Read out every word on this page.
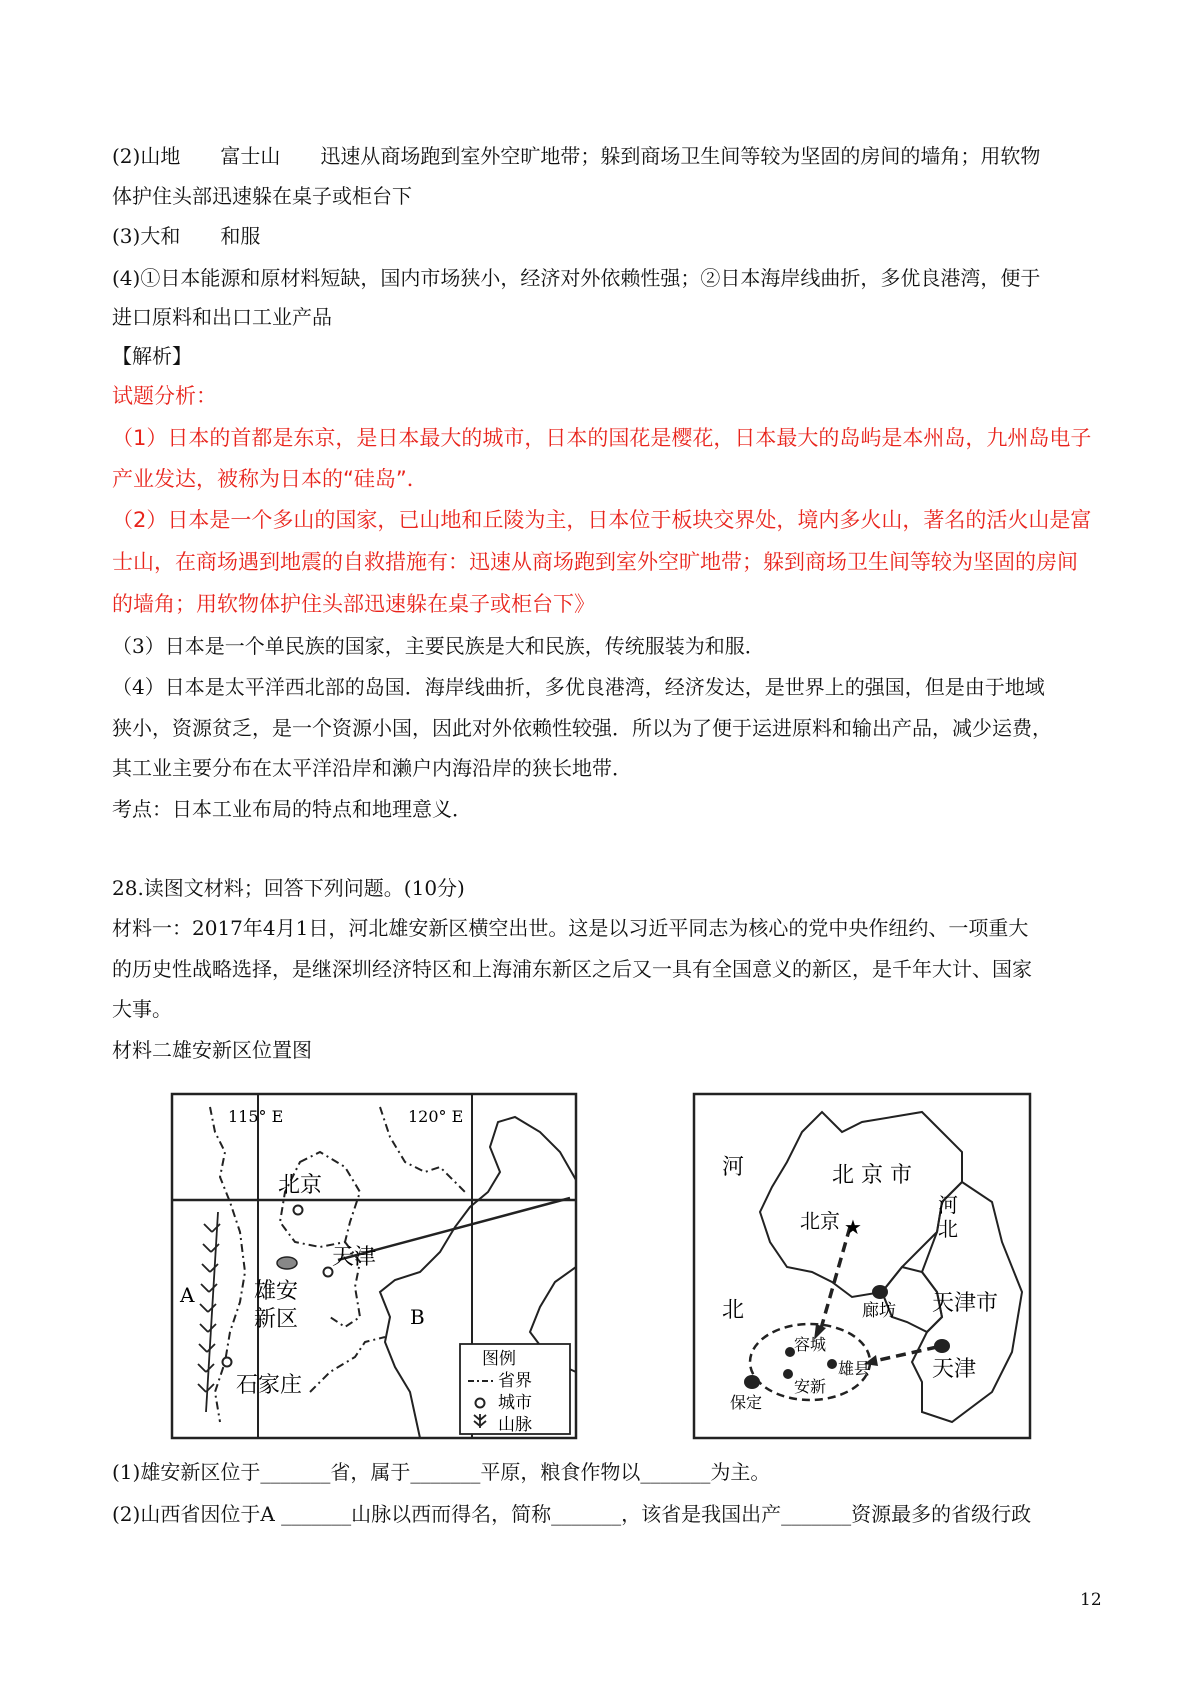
(2)山地　　富士山　　迅速从商场跑到室外空旷地带；躲到商场卫生间等较为坚固的房间的墙角；用软物
体护住头部迅速躲在桌子或柜台下
(3)大和　　和服
(4)①日本能源和原材料短缺，国内市场狭小，经济对外依赖性强；②日本海岸线曲折，多优良港湾，便于
进口原料和出口工业产品
【解析】
试题分析：
（1）日本的首都是东京，是日本最大的城市，日本的国花是樱花，日本最大的岛屿是本州岛，九州岛电子
产业发达，被称为日本的“硅岛”．
（2）日本是一个多山的国家，已山地和丘陵为主，日本位于板块交界处，境内多火山，著名的活火山是富
士山，在商场遇到地震的自救措施有：迅速从商场跑到室外空旷地带；躲到商场卫生间等较为坚固的房间
的墙角；用软物体护住头部迅速躲在桌子或柜台下》
（3）日本是一个单民族的国家，主要民族是大和民族，传统服装为和服．
（4）日本是太平洋西北部的岛国．海岸线曲折，多优良港湾，经济发达，是世界上的强国，但是由于地域
狭小，资源贫乏，是一个资源小国，因此对外依赖性较强．所以为了便于运进原料和输出产品，减少运费，
其工业主要分布在太平洋沿岸和濑户内海沿岸的狭长地带．
考点：日本工业布局的特点和地理意义．
28.读图文材料；回答下列问题。(10分)
材料一：2017年4月1日，河北雄安新区横空出世。这是以习近平同志为核心的党中央作纽约、一项重大
的历史性战略选择，是继深圳经济特区和上海浦东新区之后又一具有全国意义的新区，是千年大计、国家
大事。
材料二雄安新区位置图
115° E	120° E
北京
天津
雄安
新区
石家庄
A
B
图例
省界
城市
山脉
★
河
北
北 京 市
北京
河
北
廊坊 天津市
天津
容城
雄县
安新
保定
(1)雄安新区位于_______省，属于_______平原，粮食作物以_______为主。
(2)山西省因位于A _______山脉以西而得名，简称_______，该省是我国出产_______资源最多的省级行政
12
